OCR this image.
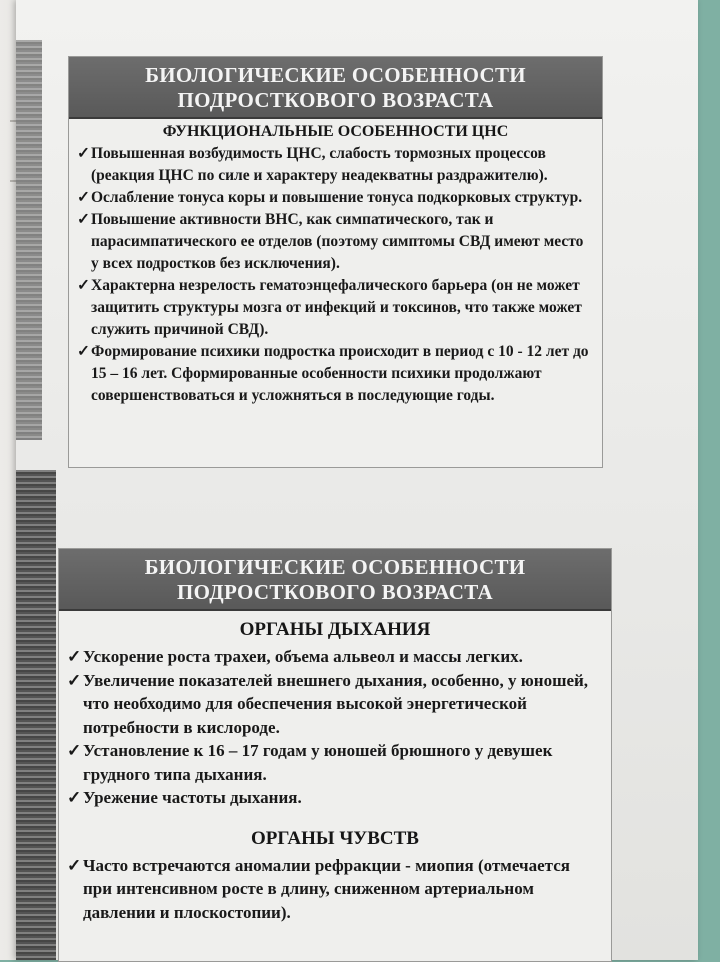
БИОЛОГИЧЕСКИЕ ОСОБЕННОСТИ
ПОДРОСТКОВОГО ВОЗРАСТА
ФУНКЦИОНАЛЬНЫЕ ОСОБЕННОСТИ ЦНС
✓ Повышенная возбудимость ЦНС, слабость тормозных процессов (реакция ЦНС по силе и характеру неадекватны раздражителю).
✓ Ослабление тонуса коры и повышение тонуса подкорковых структур.
✓ Повышение активности ВНС, как симпатического, так и парасимпатического ее отделов (поэтому симптомы СВД имеют место у всех подростков без исключения).
✓ Характерна незрелость гематоэнцефалического барьера (он не может защитить структуры мозга от инфекций и токсинов, что также может служить причиной СВД).
✓ Формирование психики подростка происходит в период с 10 - 12 лет до 15 – 16 лет. Сформированные особенности психики продолжают совершенствоваться и усложняться в последующие годы.
БИОЛОГИЧЕСКИЕ ОСОБЕННОСТИ
ПОДРОСТКОВОГО ВОЗРАСТА
ОРГАНЫ ДЫХАНИЯ
✓ Ускорение роста трахеи, объема альвеол и массы легких.
✓ Увеличение показателей внешнего дыхания, особенно, у юношей, что необходимо для обеспечения высокой энергетической потребности в кислороде.
✓ Установление к 16 – 17 годам у юношей брюшного у девушек грудного типа дыхания.
✓ Урежение частоты дыхания.
ОРГАНЫ ЧУВСТВ
✓ Часто встречаются аномалии рефракции - миопия (отмечается при интенсивном росте в длину, сниженном артериальном давлении и плоскостопии).
